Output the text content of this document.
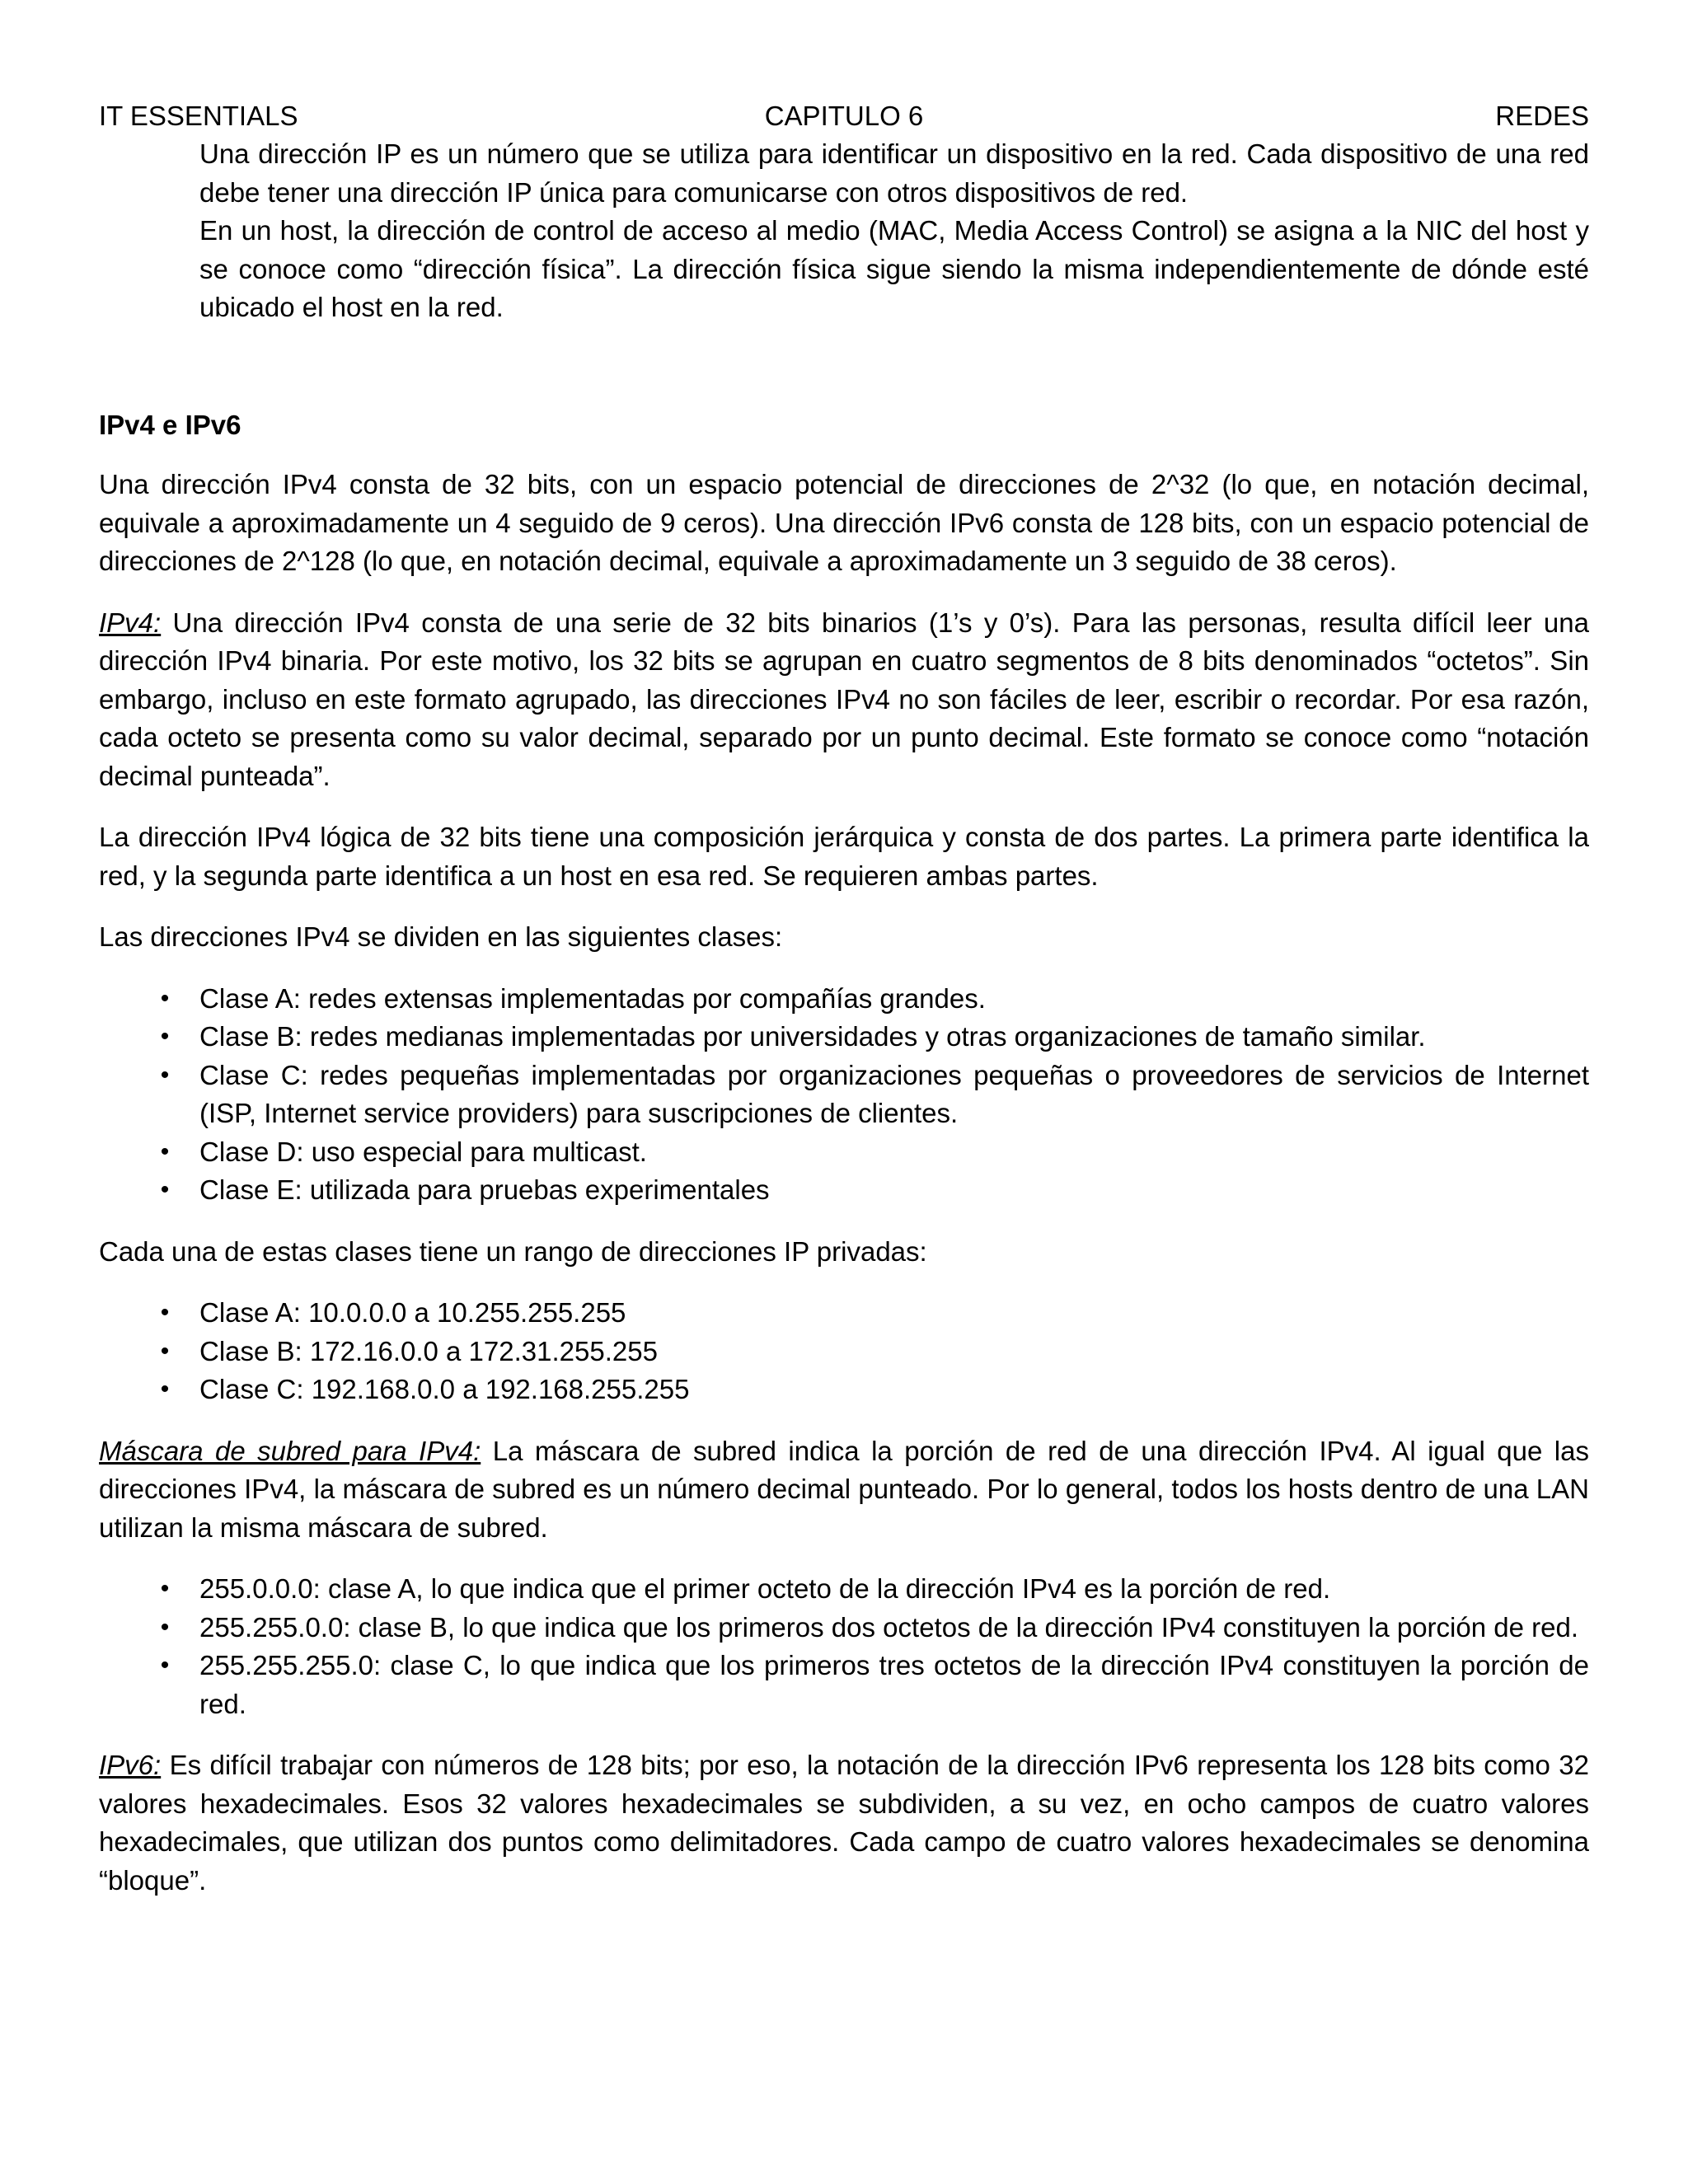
IT ESSENTIALS	CAPITULO 6	REDES

Una dirección IP es un número que se utiliza para identificar un dispositivo en la red. Cada dispositivo de una red debe tener una dirección IP única para comunicarse con otros dispositivos de red.

En un host, la dirección de control de acceso al medio (MAC, Media Access Control) se asigna a la NIC del host y se conoce como “dirección física”. La dirección física sigue siendo la misma independientemente de dónde esté ubicado el host en la red.

IPv4 e IPv6

Una dirección IPv4 consta de 32 bits, con un espacio potencial de direcciones de 2^32 (lo que, en notación decimal, equivale a aproximadamente un 4 seguido de 9 ceros). Una dirección IPv6 consta de 128 bits, con un espacio potencial de direcciones de 2^128 (lo que, en notación decimal, equivale a aproximadamente un 3 seguido de 38 ceros).

IPv4: Una dirección IPv4 consta de una serie de 32 bits binarios (1’s y 0’s). Para las personas, resulta difícil leer una dirección IPv4 binaria. Por este motivo, los 32 bits se agrupan en cuatro segmentos de 8 bits denominados “octetos”. Sin embargo, incluso en este formato agrupado, las direcciones IPv4 no son fáciles de leer, escribir o recordar. Por esa razón, cada octeto se presenta como su valor decimal, separado por un punto decimal. Este formato se conoce como “notación decimal punteada”.

La dirección IPv4 lógica de 32 bits tiene una composición jerárquica y consta de dos partes. La primera parte identifica la red, y la segunda parte identifica a un host en esa red. Se requieren ambas partes.

Las direcciones IPv4 se dividen en las siguientes clases:

• Clase A: redes extensas implementadas por compañías grandes.
• Clase B: redes medianas implementadas por universidades y otras organizaciones de tamaño similar.
• Clase C: redes pequeñas implementadas por organizaciones pequeñas o proveedores de servicios de Internet (ISP, Internet service providers) para suscripciones de clientes.
• Clase D: uso especial para multicast.
• Clase E: utilizada para pruebas experimentales

Cada una de estas clases tiene un rango de direcciones IP privadas:

• Clase A: 10.0.0.0 a 10.255.255.255
• Clase B: 172.16.0.0 a 172.31.255.255
• Clase C: 192.168.0.0 a 192.168.255.255

Máscara de subred para IPv4: La máscara de subred indica la porción de red de una dirección IPv4. Al igual que las direcciones IPv4, la máscara de subred es un número decimal punteado. Por lo general, todos los hosts dentro de una LAN utilizan la misma máscara de subred.

• 255.0.0.0: clase A, lo que indica que el primer octeto de la dirección IPv4 es la porción de red.
• 255.255.0.0: clase B, lo que indica que los primeros dos octetos de la dirección IPv4 constituyen la porción de red.
• 255.255.255.0: clase C, lo que indica que los primeros tres octetos de la dirección IPv4 constituyen la porción de red.

IPv6: Es difícil trabajar con números de 128 bits; por eso, la notación de la dirección IPv6 representa los 128 bits como 32 valores hexadecimales. Esos 32 valores hexadecimales se subdividen, a su vez, en ocho campos de cuatro valores hexadecimales, que utilizan dos puntos como delimitadores. Cada campo de cuatro valores hexadecimales se denomina “bloque”.
